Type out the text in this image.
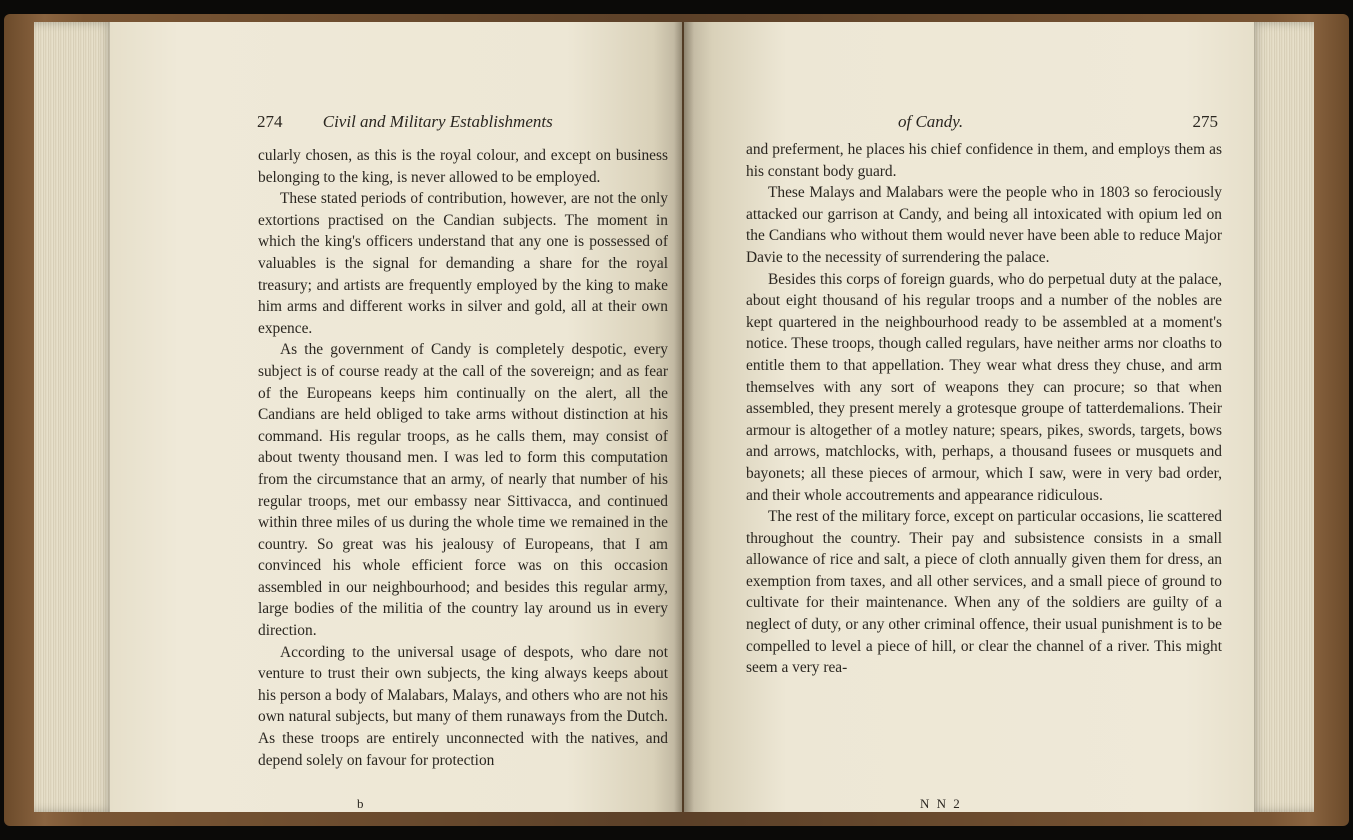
274 Civil and Military Establishments

cularly chosen, as this is the royal colour, and except on business belonging to the king, is never allowed to be employed.

These stated periods of contribution, however, are not the only extortions practised on the Candian subjects. The moment in which the king's officers understand that any one is possessed of valuables is the signal for demanding a share for the royal treasury; and artists are frequently employed by the king to make him arms and different works in silver and gold, all at their own expence.

As the government of Candy is completely despotic, every subject is of course ready at the call of the sovereign; and as fear of the Europeans keeps him continually on the alert, all the Candians are held obliged to take arms without distinction at his command. His regular troops, as he calls them, may consist of about twenty thousand men. I was led to form this computation from the circumstance that an army, of nearly that number of his regular troops, met our embassy near Sittivacca, and continued within three miles of us during the whole time we remained in the country. So great was his jealousy of Europeans, that I am convinced his whole efficient force was on this occasion assembled in our neighbourhood; and besides this regular army, large bodies of the militia of the country lay around us in every direction.

According to the universal usage of despots, who dare not venture to trust their own subjects, the king always keeps about his person a body of Malabars, Malays, and others who are not his own natural subjects, but many of them runaways from the Dutch. As these troops are entirely unconnected with the natives, and depend solely on favour for protection

b
of Candy.	275

and preferment, he places his chief confidence in them, and employs them as his constant body guard.

These Malays and Malabars were the people who in 1803 so ferociously attacked our garrison at Candy, and being all intoxicated with opium led on the Candians who without them would never have been able to reduce Major Davie to the necessity of surrendering the palace.

Besides this corps of foreign guards, who do perpetual duty at the palace, about eight thousand of his regular troops and a number of the nobles are kept quartered in the neighbourhood ready to be assembled at a moment's notice. These troops, though called regulars, have neither arms nor cloaths to entitle them to that appellation. They wear what dress they chuse, and arm themselves with any sort of weapons they can procure; so that when assembled, they present merely a grotesque groupe of tatterdemalions. Their armour is altogether of a motley nature; spears, pikes, swords, targets, bows and arrows, matchlocks, with, perhaps, a thousand fusees or musquets and bayonets; all these pieces of armour, which I saw, were in very bad order, and their whole accoutrements and appearance ridiculous.

The rest of the military force, except on particular occasions, lie scattered throughout the country. Their pay and subsistence consists in a small allowance of rice and salt, a piece of cloth annually given them for dress, an exemption from taxes, and all other services, and a small piece of ground to cultivate for their maintenance. When any of the soldiers are guilty of a neglect of duty, or any other criminal offence, their usual punishment is to be compelled to level a piece of hill, or clear the channel of a river. This might seem a very rea-

N N 2
